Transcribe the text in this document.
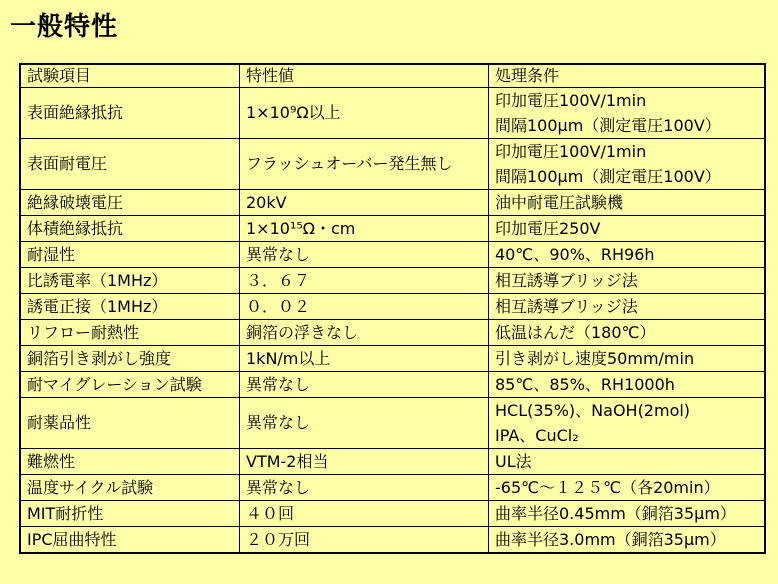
一般特性
試験項目	特性値	処理条件
表面絶縁抵抗	1×10⁹Ω以上	印加電圧100V/1min
間隔100μm（測定電圧100V）

表面耐電圧	フラッシュオーバー発生無し	印加電圧100V/1min
間隔100μm（測定電圧100V）

絶縁破壊電圧	20kV	油中耐電圧試験機

体積絶縁抵抗	1×10¹⁵Ω・cm	印加電圧250V

耐湿性	異常なし	40℃、90%、RH96h

比誘電率（1MHz）	３．６７	相互誘導ブリッジ法

誘電正接（1MHz）	０．０２	相互誘導ブリッジ法

リフロー耐熱性	銅箔の浮きなし	低温はんだ（180℃）

銅箔引き剥がし強度	1kN/m以上	引き剥がし速度50mm/min

耐マイグレーション試験	異常なし	85℃、85%、RH1000h

耐薬品性	異常なし	HCL(35%)、NaOH(2mol)
IPA、CuCl₂

難燃性	VTM-2相当	UL法

温度サイクル試験	異常なし	-65℃～１２５℃（各20min）

MIT耐折性	４０回	曲率半径0.45mm（銅箔35μm）

IPC屈曲特性	２０万回	曲率半径3.0mm（銅箔35μm）
